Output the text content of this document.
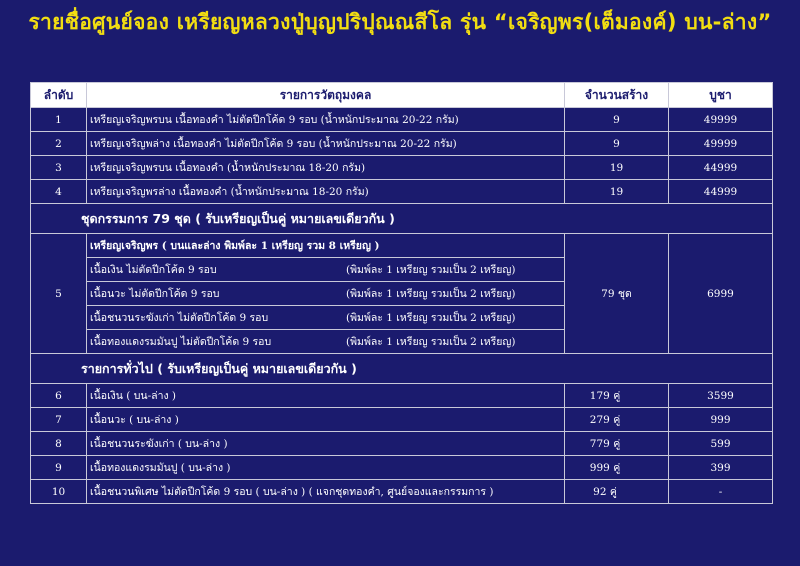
รายชื่อศูนย์จอง เหรียญหลวงปู่บุญปริปุณณสีโล รุ่น “เจริญพร(เต็มองค์) บน-ล่าง”
ลำดับ	รายการวัตถุมงคล	จำนวนสร้าง	บูชา
1	เหรียญเจริญพรบน เนื้อทองคำ ไม่ตัดปีกโค้ด 9 รอบ (น้ำหนักประมาณ 20-22 กรัม)	9	49999
2	เหรียญเจริญพล่าง เนื้อทองคำ ไม่ตัดปีกโค้ด 9 รอบ (น้ำหนักประมาณ 20-22 กรัม)	9	49999
3	เหรียญเจริญพรบน เนื้อทองคำ (น้ำหนักประมาณ 18-20 กรัม)	19	44999
4	เหรียญเจริญพรล่าง เนื้อทองคำ (น้ำหนักประมาณ 18-20 กรัม)	19	44999
ชุดกรรมการ 79 ชุด ( รับเหรียญเป็นคู่ หมายเลขเดียวกัน )			
5	เหรียญเจริญพร ( บนและล่าง พิมพ์ละ 1 เหรียญ รวม 8 เหรียญ )	79 ชุด	6999
	เนื้อเงิน ไม่ตัดปีกโค้ด 9 รอบ (พิมพ์ละ 1 เหรียญ รวมเป็น 2 เหรียญ)		
	เนื้อนวะ ไม่ตัดปีกโค้ด 9 รอบ (พิมพ์ละ 1 เหรียญ รวมเป็น 2 เหรียญ)		
	เนื้อชนวนระฆังเก่า ไม่ตัดปีกโค้ด 9 รอบ (พิมพ์ละ 1 เหรียญ รวมเป็น 2 เหรียญ)		
	เนื้อทองแดงรมมันปู ไม่ตัดปีกโค้ด 9 รอบ (พิมพ์ละ 1 เหรียญ รวมเป็น 2 เหรียญ)		
รายการทั่วไป ( รับเหรียญเป็นคู่ หมายเลขเดียวกัน )			
6	เนื้อเงิน ( บน-ล่าง )	179 คู่	3599
7	เนื้อนวะ ( บน-ล่าง )	279 คู่	999
8	เนื้อชนวนระฆังเก่า ( บน-ล่าง )	779 คู่	599
9	เนื้อทองแดงรมมันปู ( บน-ล่าง )	999 คู่	399
10	เนื้อชนวนพิเศษ ไม่ตัดปีกโค้ด 9 รอบ ( บน-ล่าง ) ( แจกชุดทองคำ, ศูนย์จองและกรรมการ )	92 คู่	-
